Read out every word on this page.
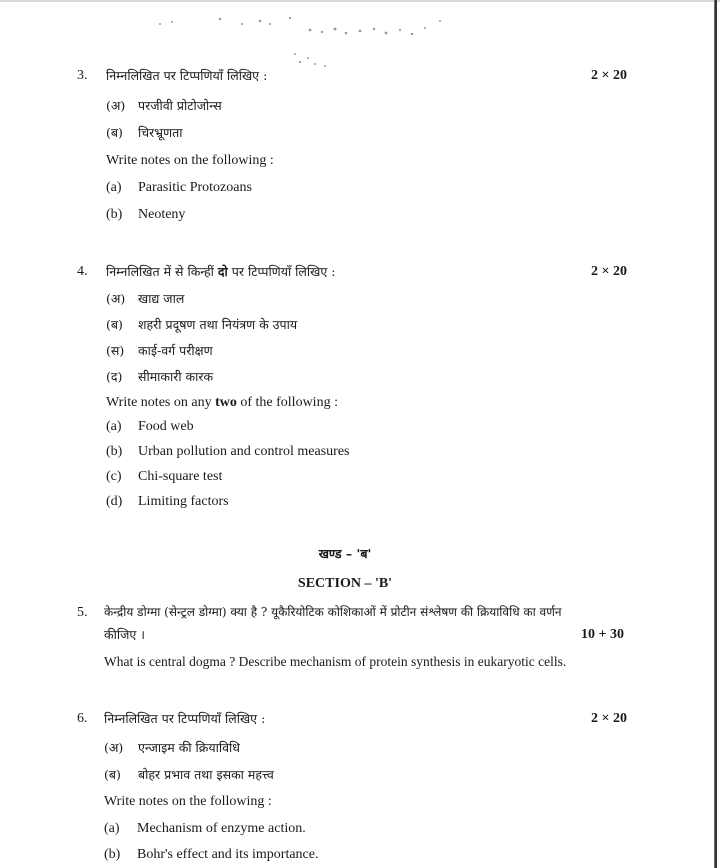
3. निम्नलिखित पर टिप्पणियाँ लिखिए :	2 × 20
(अ) परजीवी प्रोटोजोन्स
(ब) चिरभ्रूणता
Write notes on the following :
(a) Parasitic Protozoans
(b) Neoteny
4. निम्नलिखित में से किन्हीं दो पर टिप्पणियाँ लिखिए :	2 × 20
(अ) खाद्य जाल
(ब) शहरी प्रदूषण तथा नियंत्रण के उपाय
(स) काई-वर्ग परीक्षण
(द) सीमाकारी कारक
Write notes on any two of the following :
(a) Food web
(b) Urban pollution and control measures
(c) Chi-square test
(d) Limiting factors
खण्ड – 'ब'
SECTION – 'B'
5. केन्द्रीय डोग्मा (सेन्ट्रल डोग्मा) क्या है ? यूकैरियोटिक कोशिकाओं में प्रोटीन संश्लेषण की क्रियाविधि का वर्णन
कीजिए ।	10 + 30
What is central dogma ? Describe mechanism of protein synthesis in eukaryotic cells.
6. निम्नलिखित पर टिप्पणियाँ लिखिए :	2 × 20
(अ) एन्जाइम की क्रियाविधि
(ब) बोहर प्रभाव तथा इसका महत्त्व
Write notes on the following :
(a) Mechanism of enzyme action.
(b) Bohr's effect and its importance.
